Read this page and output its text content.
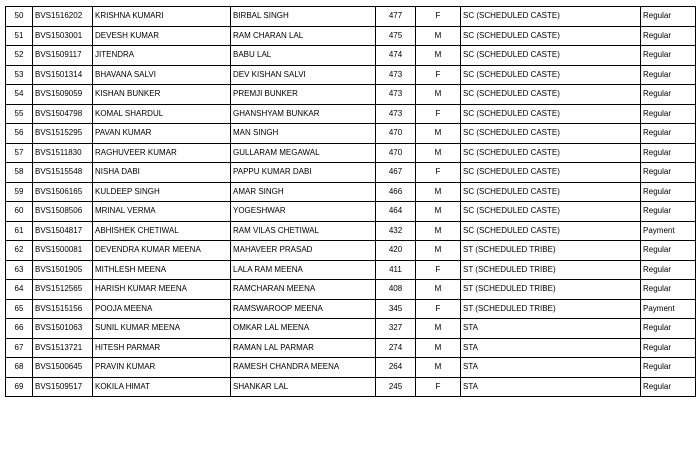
50	BVS1516202	KRISHNA KUMARI	BIRBAL SINGH	477	F	SC (SCHEDULED CASTE)	Regular
51	BVS1503001	DEVESH KUMAR	RAM CHARAN LAL	475	M	SC (SCHEDULED CASTE)	Regular
52	BVS1509117	JITENDRA	BABU LAL	474	M	SC (SCHEDULED CASTE)	Regular
53	BVS1501314	BHAVANA SALVI	DEV KISHAN SALVI	473	F	SC (SCHEDULED CASTE)	Regular
54	BVS1509059	KISHAN BUNKER	PREMJI BUNKER	473	M	SC (SCHEDULED CASTE)	Regular
55	BVS1504798	KOMAL SHARDUL	GHANSHYAM BUNKAR	473	F	SC (SCHEDULED CASTE)	Regular
56	BVS1515295	PAVAN KUMAR	MAN SINGH	470	M	SC (SCHEDULED CASTE)	Regular
57	BVS1511830	RAGHUVEER KUMAR	GULLARAM MEGAWAL	470	M	SC (SCHEDULED CASTE)	Regular
58	BVS1515548	NISHA DABI	PAPPU KUMAR DABI	467	F	SC (SCHEDULED CASTE)	Regular
59	BVS1506165	KULDEEP SINGH	AMAR SINGH	466	M	SC (SCHEDULED CASTE)	Regular
60	BVS1508506	MRINAL VERMA	YOGESHWAR	464	M	SC (SCHEDULED CASTE)	Regular
61	BVS1504817	ABHISHEK CHETIWAL	RAM VILAS CHETIWAL	432	M	SC (SCHEDULED CASTE)	Payment
62	BVS1500081	DEVENDRA KUMAR MEENA	MAHAVEER PRASAD	420	M	ST (SCHEDULED TRIBE)	Regular
63	BVS1501905	MITHLESH MEENA	LALA RAM MEENA	411	F	ST (SCHEDULED TRIBE)	Regular
64	BVS1512565	HARISH KUMAR MEENA	RAMCHARAN MEENA	408	M	ST (SCHEDULED TRIBE)	Regular
65	BVS1515156	POOJA MEENA	RAMSWAROOP MEENA	345	F	ST (SCHEDULED TRIBE)	Payment
66	BVS1501063	SUNIL KUMAR MEENA	OMKAR LAL MEENA	327	M	STA	Regular
67	BVS1513721	HITESH PARMAR	RAMAN LAL PARMAR	274	M	STA	Regular
68	BVS1500645	PRAVIN KUMAR	RAMESH CHANDRA MEENA	264	M	STA	Regular
69	BVS1509517	KOKILA HIMAT	SHANKAR LAL	245	F	STA	Regular
